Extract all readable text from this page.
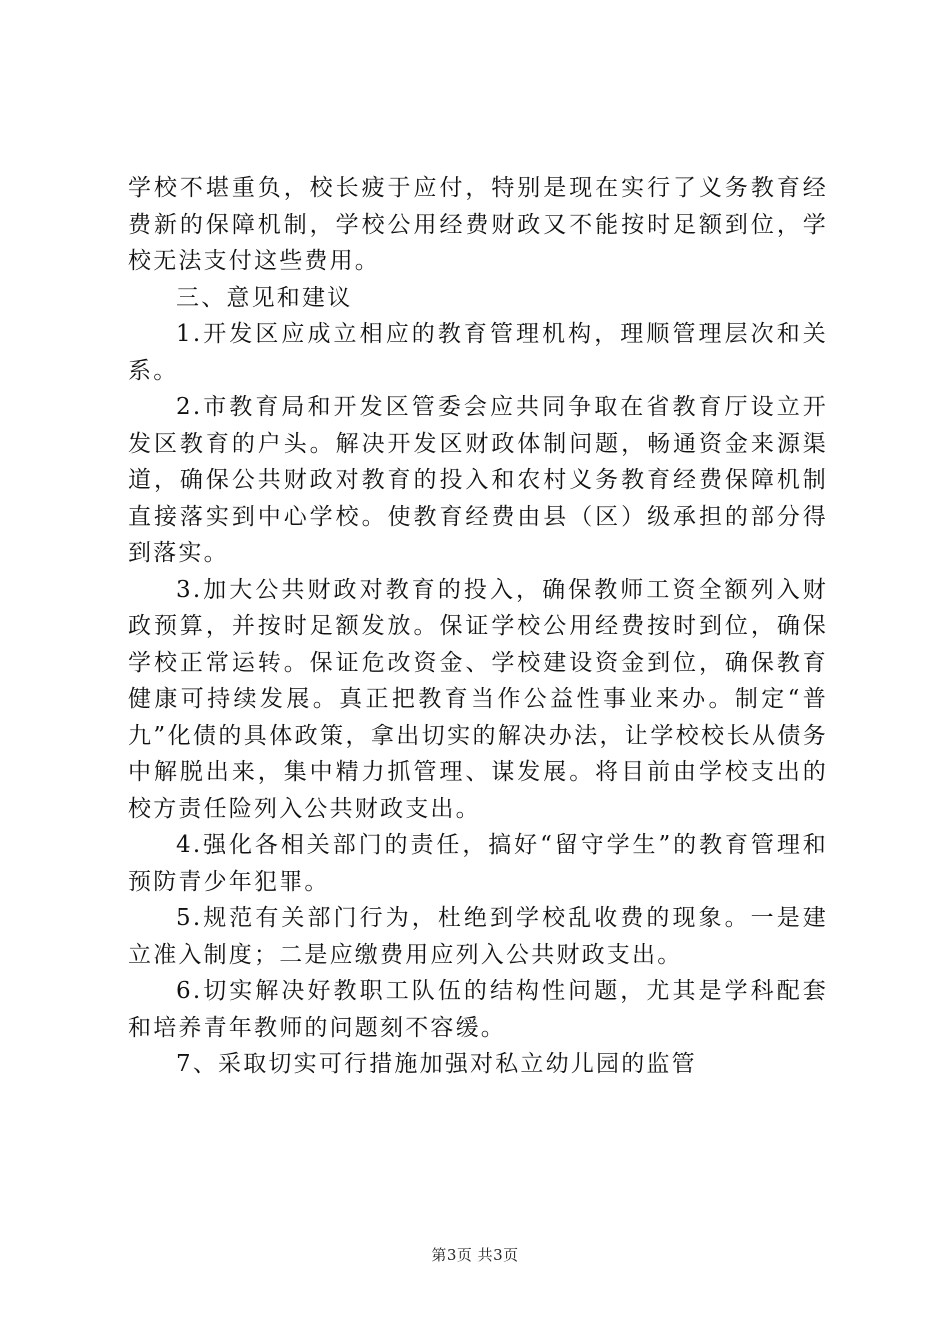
学校不堪重负，校长疲于应付，特别是现在实行了义务教育经费新的保障机制，学校公用经费财政又不能按时足额到位，学校无法支付这些费用。

三、意见和建议

1.开发区应成立相应的教育管理机构，理顺管理层次和关系。

2.市教育局和开发区管委会应共同争取在省教育厅设立开发区教育的户头。解决开发区财政体制问题，畅通资金来源渠道，确保公共财政对教育的投入和农村义务教育经费保障机制直接落实到中心学校。使教育经费由县（区）级承担的部分得到落实。

3.加大公共财政对教育的投入，确保教师工资全额列入财政预算，并按时足额发放。保证学校公用经费按时到位，确保学校正常运转。保证危改资金、学校建设资金到位，确保教育健康可持续发展。真正把教育当作公益性事业来办。制定“普九”化债的具体政策，拿出切实的解决办法，让学校校长从债务中解脱出来，集中精力抓管理、谋发展。将目前由学校支出的校方责任险列入公共财政支出。

4.强化各相关部门的责任，搞好“留守学生”的教育管理和预防青少年犯罪。

5.规范有关部门行为，杜绝到学校乱收费的现象。一是建立准入制度；二是应缴费用应列入公共财政支出。

6.切实解决好教职工队伍的结构性问题，尤其是学科配套和培养青年教师的问题刻不容缓。

7、采取切实可行措施加强对私立幼儿园的监管

第3页 共3页
